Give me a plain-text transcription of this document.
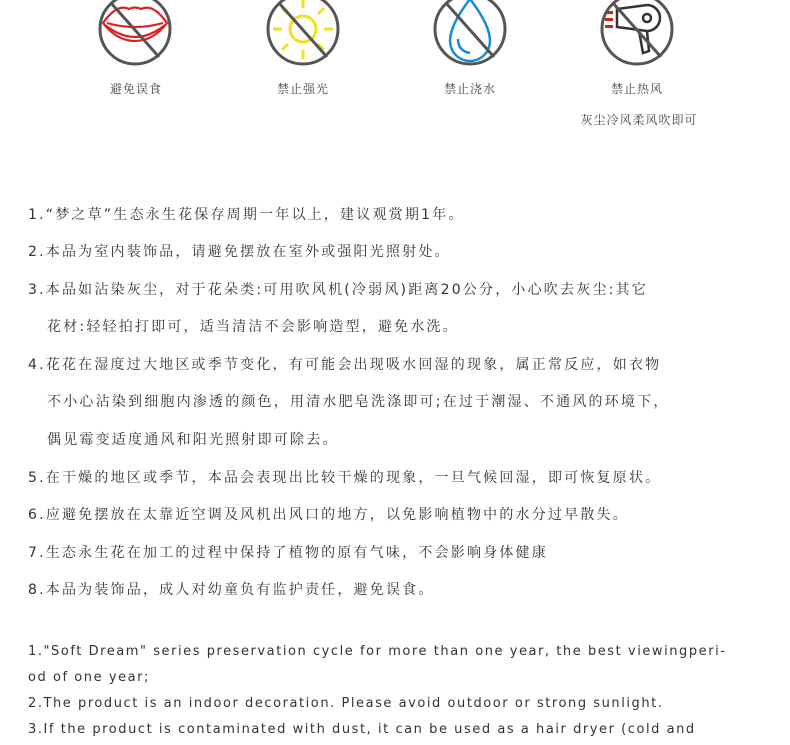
避免误食	禁止强光	禁止浇水	禁止热风
灰尘冷风柔风吹即可
1.“梦之草”生态永生花保存周期一年以上，建议观赏期1年。
2.本品为室内装饰品，请避免摆放在室外或强阳光照射处。
3.本品如沾染灰尘，对于花朵类:可用吹风机(冷弱风)距离20公分，小心吹去灰尘:其它
花材:轻轻拍打即可，适当清洁不会影响造型，避免水洗。
4.花花在湿度过大地区或季节变化，有可能会出现吸水回湿的现象，属正常反应，如衣物
不小心沾染到细胞内渗透的颜色，用清水肥皂洗涤即可;在过于潮湿、不通风的环境下，
偶见霉变适度通风和阳光照射即可除去。
5.在干燥的地区或季节，本品会表现出比较干燥的现象，一旦气候回湿，即可恢复原状。
6.应避免摆放在太靠近空调及风机出风口的地方，以免影响植物中的水分过早散失。
7.生态永生花在加工的过程中保持了植物的原有气味，不会影响身体健康
8.本品为装饰品，成人对幼童负有监护责任，避免误食。
1."Soft Dream" series preservation cycle for more than one year, the best viewingperi-
od of one year;
2.The product is an indoor decoration. Please avoid outdoor or strong sunlight.
3.If the product is contaminated with dust, it can be used as a hair dryer (cold and
